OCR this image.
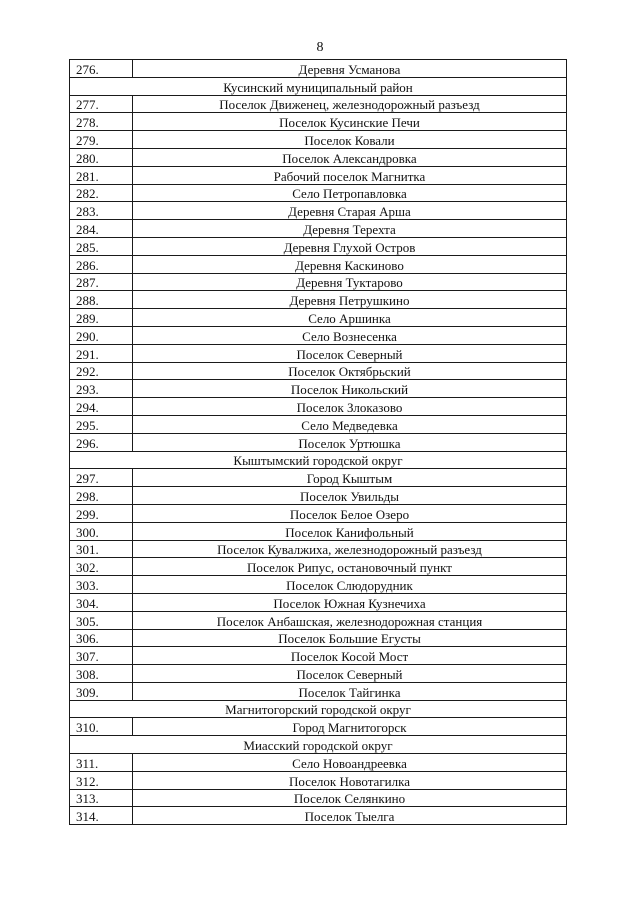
8
276.	Деревня Усманова
Кусинский муниципальный район	
277.	Поселок Движенец, железнодорожный разъезд
278.	Поселок Кусинские Печи
279.	Поселок Ковали
280.	Поселок Александровка
281.	Рабочий поселок Магнитка
282.	Село Петропавловка
283.	Деревня Старая Арша
284.	Деревня Терехта
285.	Деревня Глухой Остров
286.	Деревня Каскиново
287.	Деревня Туктарово
288.	Деревня Петрушкино
289.	Село Аршинка
290.	Село Вознесенка
291.	Поселок Северный
292.	Поселок Октябрьский
293.	Поселок Никольский
294.	Поселок Злоказово
295.	Село Медведевка
296.	Поселок Уртюшка
Кыштымский городской округ	
297.	Город Кыштым
298.	Поселок Увильды
299.	Поселок Белое Озеро
300.	Поселок Канифольный
301.	Поселок Кувалжиха, железнодорожный разъезд
302.	Поселок Рипус, остановочный пункт
303.	Поселок Слюдорудник
304.	Поселок Южная Кузнечиха
305.	Поселок Анбашская, железнодорожная станция
306.	Поселок Большие Егусты
307.	Поселок Косой Мост
308.	Поселок Северный
309.	Поселок Тайгинка
Магнитогорский городской округ	
310.	Город Магнитогорск
Миасский городской округ	
311.	Село Новоандреевка
312.	Поселок Новотагилка
313.	Поселок Селянкино
314.	Поселок Тыелга
